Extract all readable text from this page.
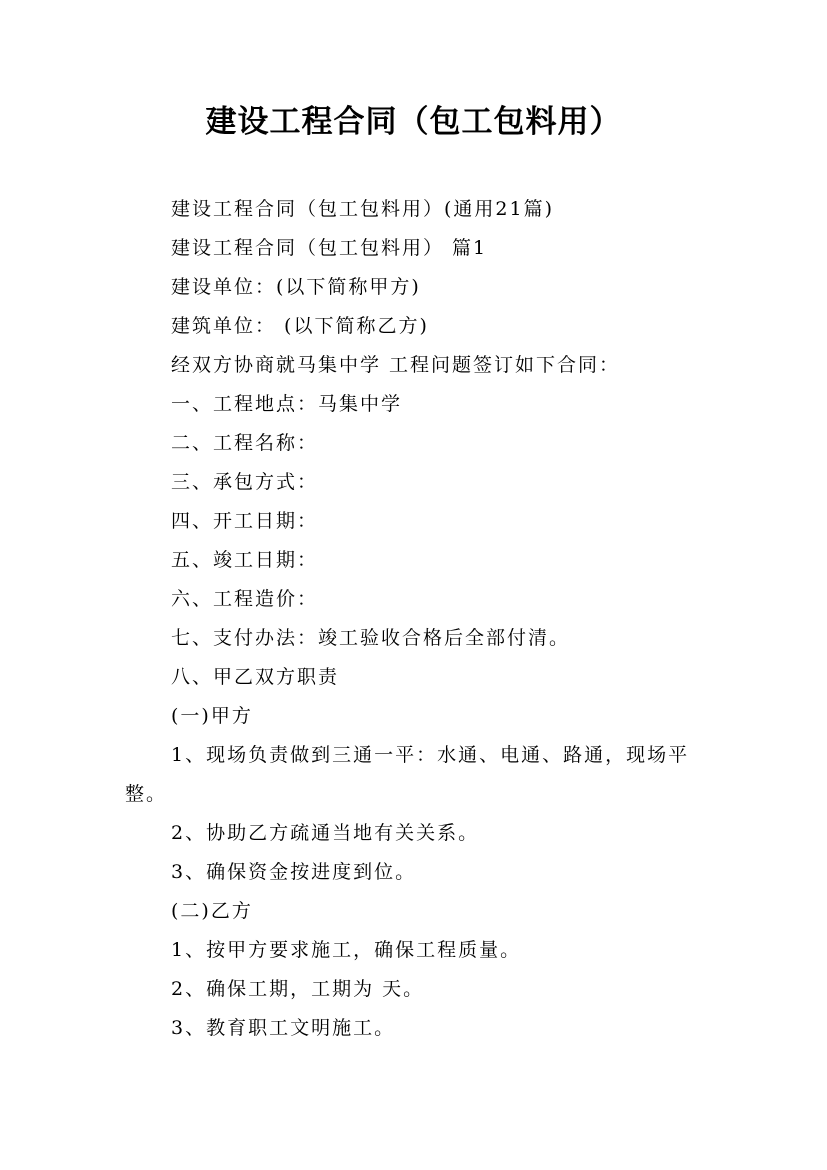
建设工程合同（包工包料用）
建设工程合同（包工包料用）(通用21篇)
建设工程合同（包工包料用） 篇1
建设单位：(以下简称甲方)
建筑单位： (以下简称乙方)
经双方协商就马集中学 工程问题签订如下合同：
一、工程地点：马集中学
二、工程名称：
三、承包方式：
四、开工日期：
五、竣工日期：
六、工程造价：
七、支付办法：竣工验收合格后全部付清。
八、甲乙双方职责
(一)甲方
1、现场负责做到三通一平：水通、电通、路通，现场平整。
2、协助乙方疏通当地有关关系。
3、确保资金按进度到位。
(二)乙方
1、按甲方要求施工，确保工程质量。
2、确保工期，工期为 天。
3、教育职工文明施工。
